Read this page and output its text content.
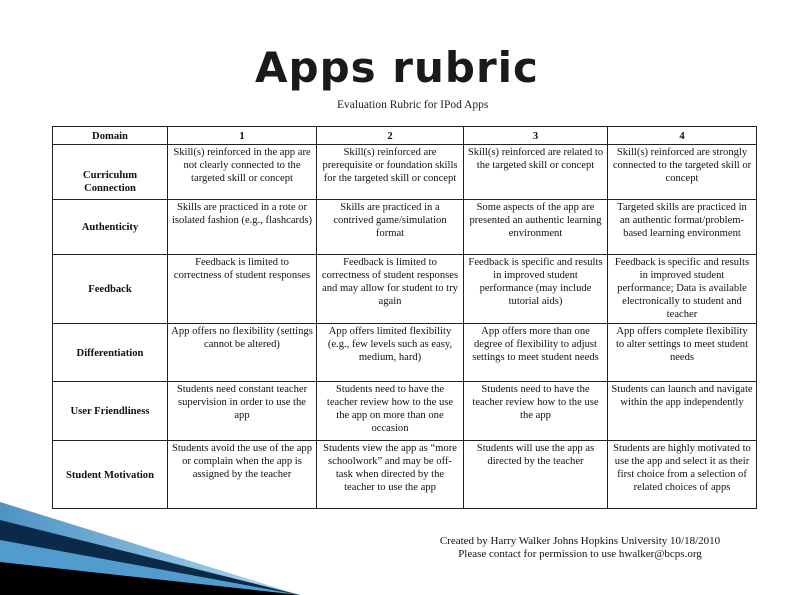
Apps rubric
Evaluation Rubric for IPod Apps
Domain	1	2	3	4
Curriculum Connection	Skill(s) reinforced in the app are not clearly connected to the targeted skill or concept	Skill(s) reinforced are prerequisite or foundation skills for the targeted skill or concept	Skill(s) reinforced are related to the targeted skill or concept	Skill(s) reinforced are strongly connected to the targeted skill or concept
Authenticity	Skills are practiced in a rote or isolated fashion (e.g., flashcards)	Skills are practiced in a contrived game/simulation format	Some aspects of the app are presented an authentic learning environment	Targeted skills are practiced in an authentic format/problem-based learning environment
Feedback	Feedback is limited to correctness of student responses	Feedback is limited to correctness of student responses and may allow for student to try again	Feedback is specific and results in improved student performance (may include tutorial aids)	Feedback is specific and results in improved student performance; Data is available electronically to student and teacher
Differentiation	App offers no flexibility (settings cannot be altered)	App offers limited flexibility (e.g., few levels such as easy, medium, hard)	App offers more than one degree of flexibility to adjust settings to meet student needs	App offers complete flexibility to alter settings to meet student needs
User Friendliness	Students need constant teacher supervision in order to use the app	Students need to have the teacher review how to the use the app on more than one occasion	Students need to have the teacher review how to the use the app	Students can launch and navigate within the app independently
Student Motivation	Students avoid the use of the app or complain when the app is assigned by the teacher	Students view the app as “more schoolwork” and may be off-task when directed by the teacher to use the app	Students will use the app as directed by the teacher	Students are highly motivated to use the app and select it as their first choice from a selection of related choices of apps
Created by Harry Walker Johns Hopkins University 10/18/2010
Please contact for permission to use hwalker@bcps.org
